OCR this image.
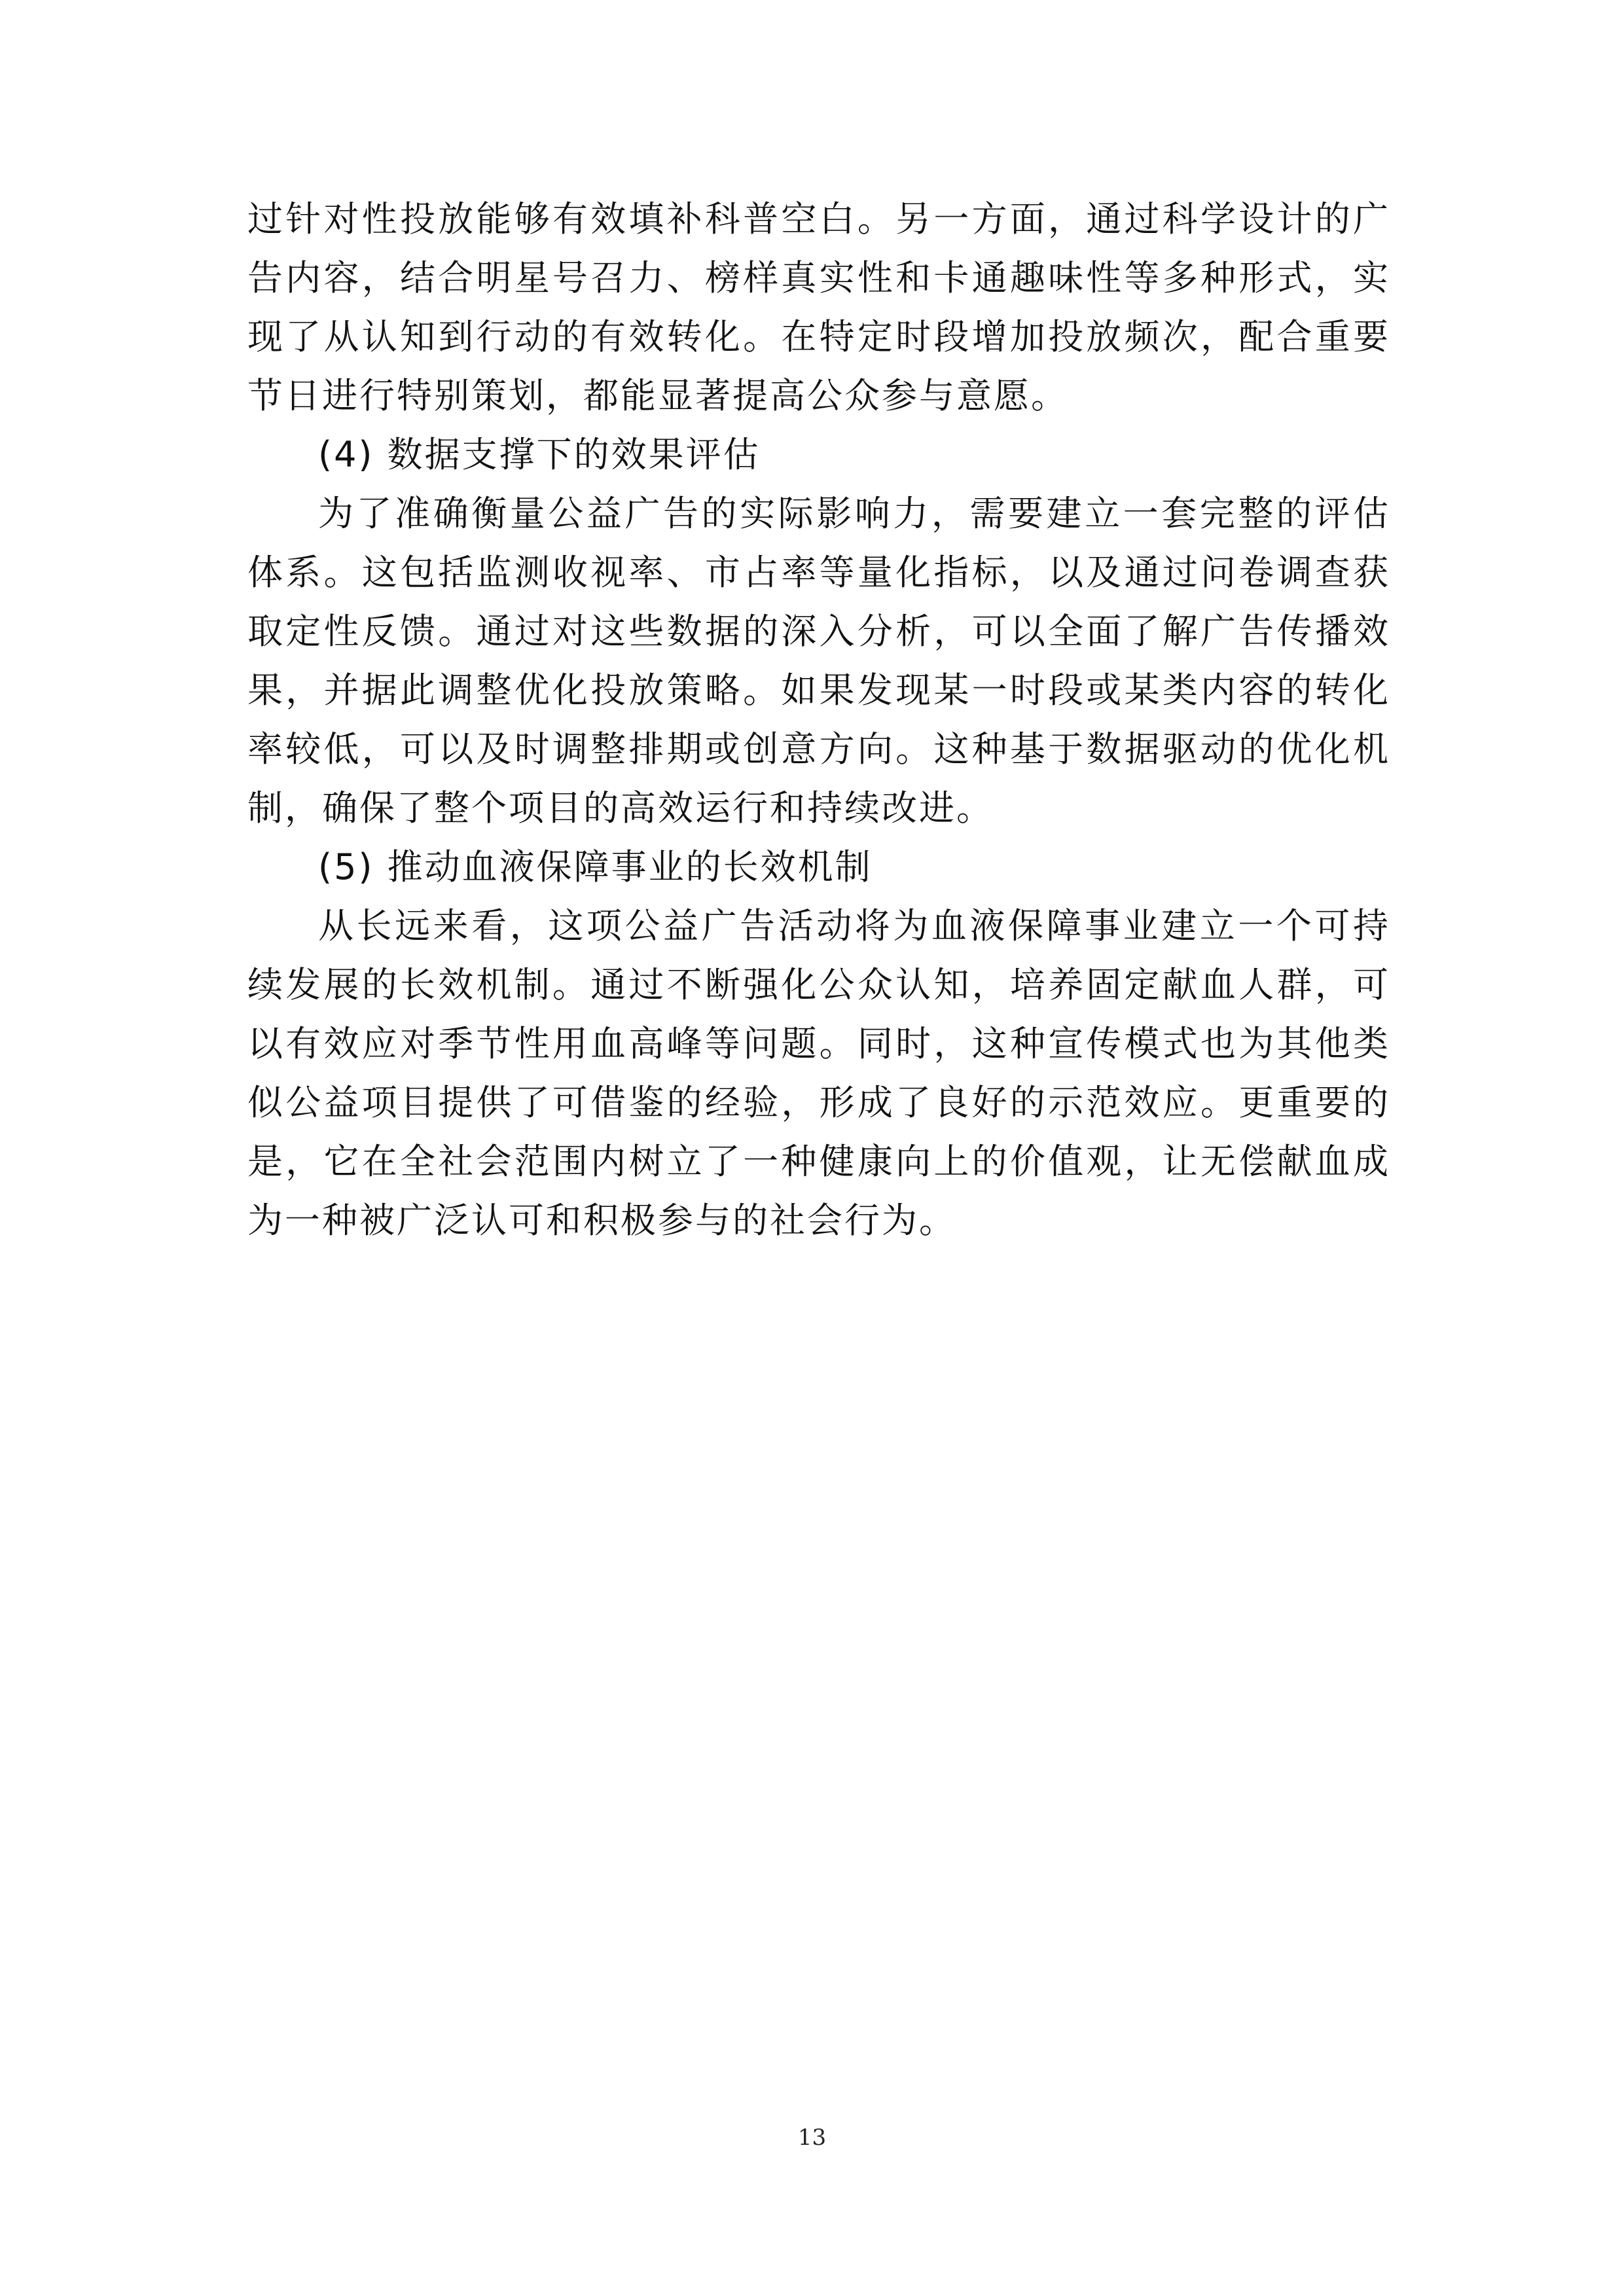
过针对性投放能够有效填补科普空白。另一方面，通过科学设计的广告内容，结合明星号召力、榜样真实性和卡通趣味性等多种形式，实现了从认知到行动的有效转化。在特定时段增加投放频次，配合重要节日进行特别策划，都能显著提高公众参与意愿。

(4) 数据支撑下的效果评估

为了准确衡量公益广告的实际影响力，需要建立一套完整的评估体系。这包括监测收视率、市占率等量化指标，以及通过问卷调查获取定性反馈。通过对这些数据的深入分析，可以全面了解广告传播效果，并据此调整优化投放策略。如果发现某一时段或某类内容的转化率较低，可以及时调整排期或创意方向。这种基于数据驱动的优化机制，确保了整个项目的高效运行和持续改进。

(5) 推动血液保障事业的长效机制

从长远来看，这项公益广告活动将为血液保障事业建立一个可持续发展的长效机制。通过不断强化公众认知，培养固定献血人群，可以有效应对季节性用血高峰等问题。同时，这种宣传模式也为其他类似公益项目提供了可借鉴的经验，形成了良好的示范效应。更重要的是，它在全社会范围内树立了一种健康向上的价值观，让无偿献血成为一种被广泛认可和积极参与的社会行为。

13
